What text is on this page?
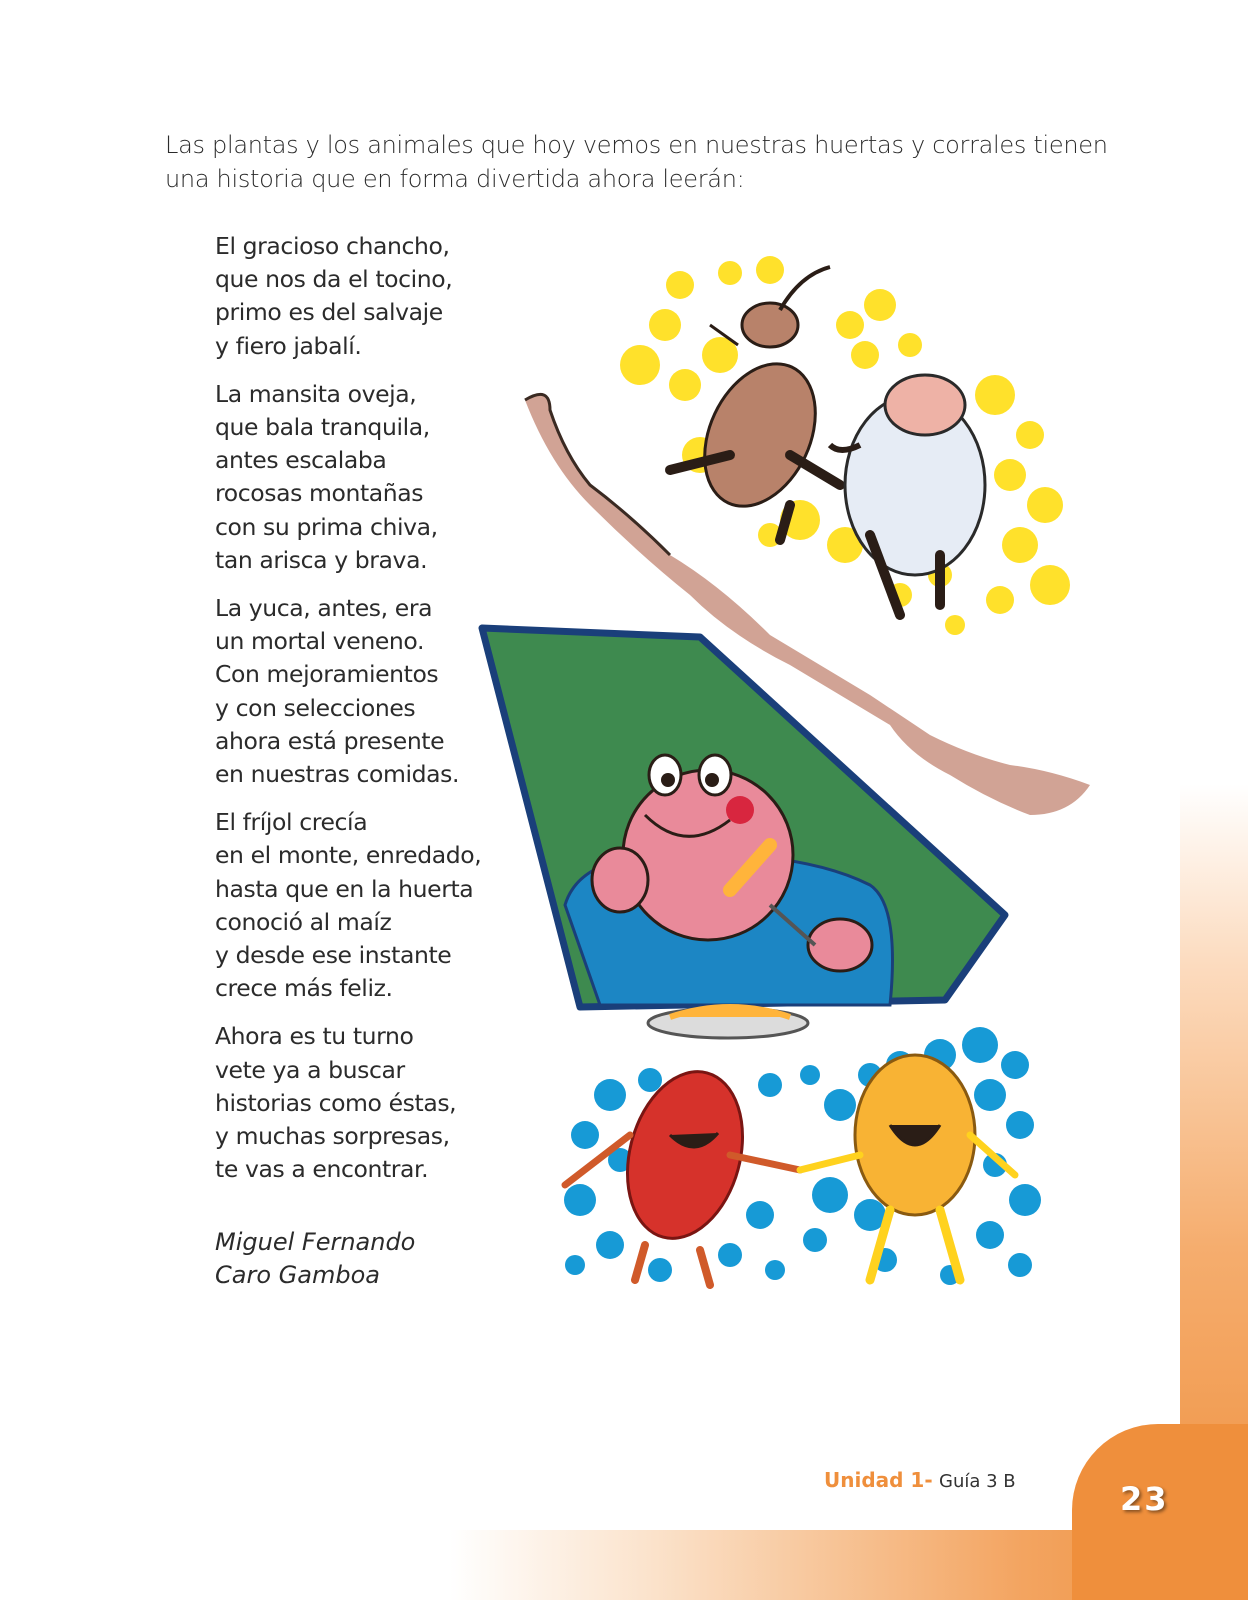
Las plantas y los animales que hoy vemos en nuestras huertas y corrales tienen
una historia que en forma divertida ahora leerán:
El gracioso chancho,
que nos da el tocino,
primo es del salvaje
y fiero jabalí.
La mansita oveja,
que bala tranquila,
antes escalaba
rocosas montañas
con su prima chiva,
tan arisca y brava.
La yuca, antes, era
un mortal veneno.
Con mejoramientos
y con selecciones
ahora está presente
en nuestras comidas.
El fríjol crecía
en el monte, enredado,
hasta que en la huerta
conoció al maíz
y desde ese instante
crece más feliz.
Ahora es tu turno
vete ya a buscar
historias como éstas,
y muchas sorpresas,
te vas a encontrar.
Miguel Fernando
Caro Gamboa
Unidad 1- Guía 3 B	23
